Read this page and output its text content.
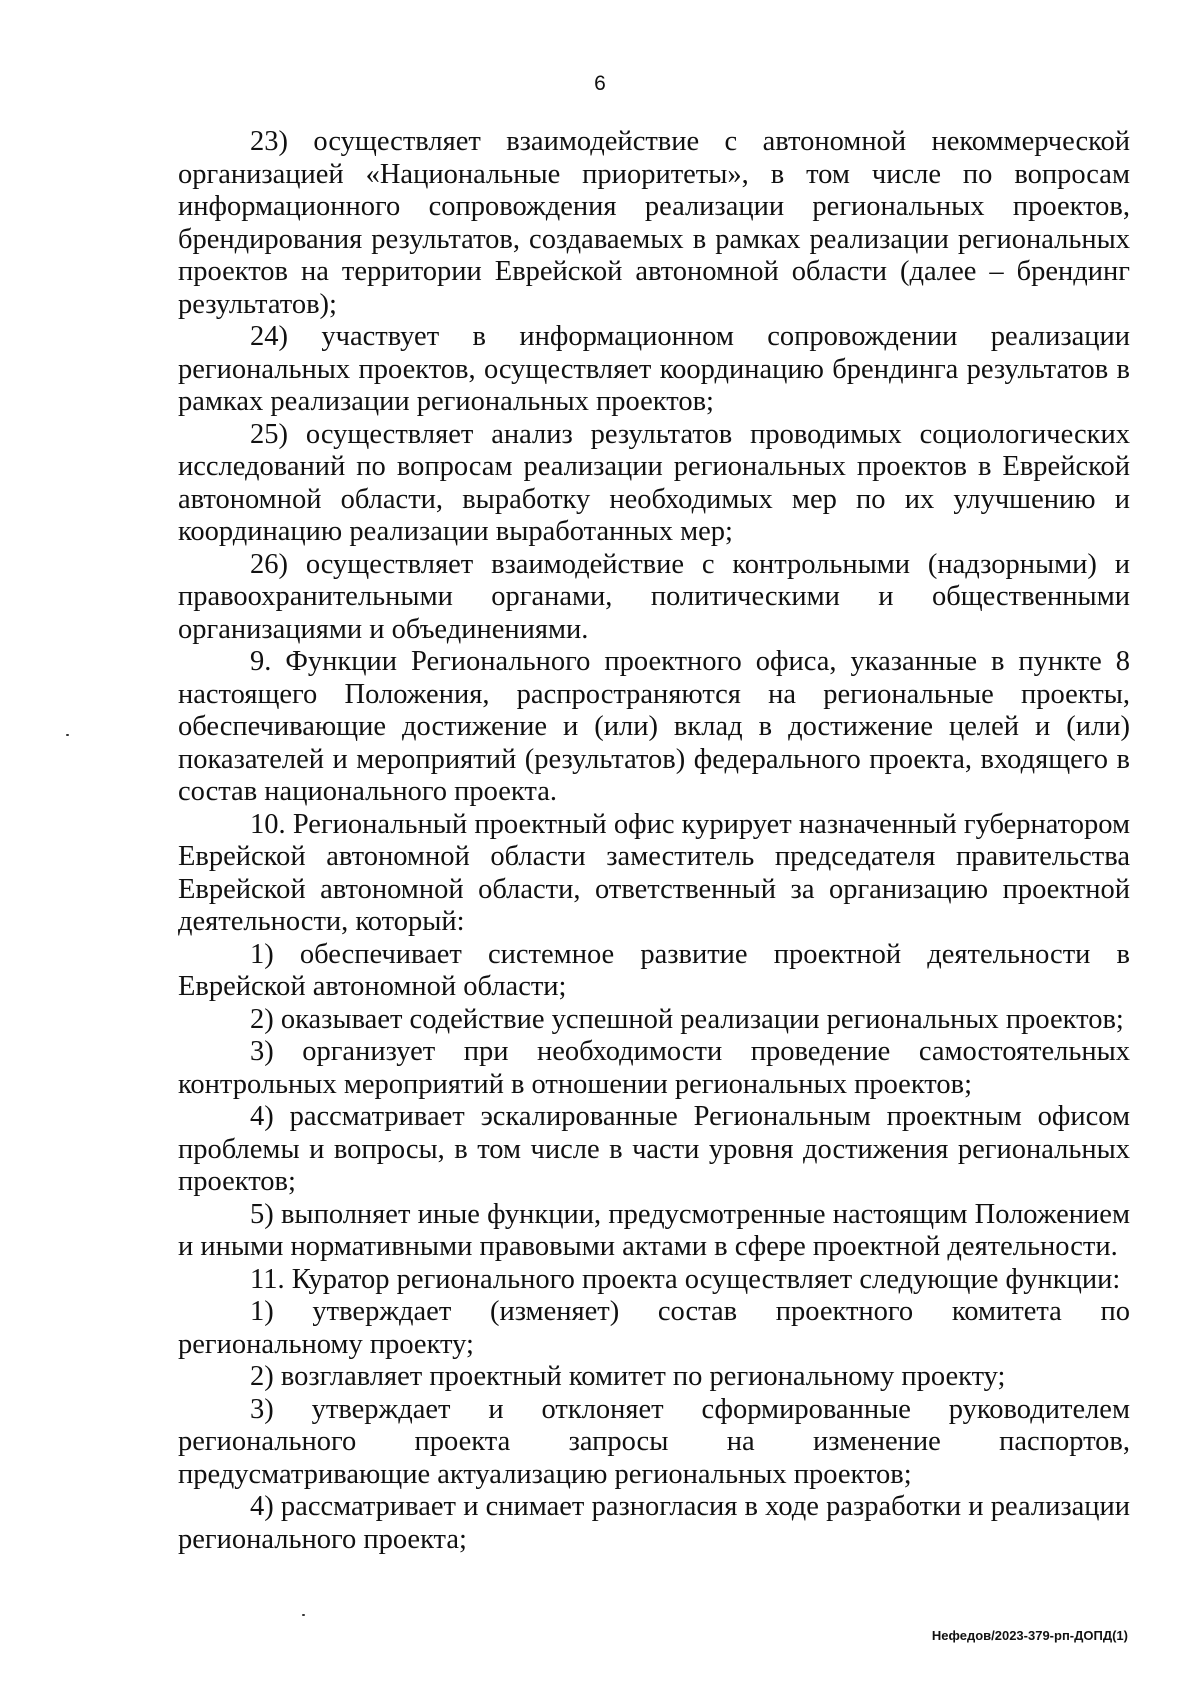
6

23) осуществляет взаимодействие с автономной некоммерческой организацией «Национальные приоритеты», в том числе по вопросам информационного сопровождения реализации региональных проектов, брендирования результатов, создаваемых в рамках реализации региональных проектов на территории Еврейской автономной области (далее – брендинг результатов);

24) участвует в информационном сопровождении реализации региональных проектов, осуществляет координацию брендинга результатов в рамках реализации региональных проектов;

25) осуществляет анализ результатов проводимых социологических исследований по вопросам реализации региональных проектов в Еврейской автономной области, выработку необходимых мер по их улучшению и координацию реализации выработанных мер;

26) осуществляет взаимодействие с контрольными (надзорными) и правоохранительными органами, политическими и общественными организациями и объединениями.

9. Функции Регионального проектного офиса, указанные в пункте 8 настоящего Положения, распространяются на региональные проекты, обеспечивающие достижение и (или) вклад в достижение целей и (или) показателей и мероприятий (результатов) федерального проекта, входящего в состав национального проекта.

10. Региональный проектный офис курирует назначенный губернатором Еврейской автономной области заместитель председателя правительства Еврейской автономной области, ответственный за организацию проектной деятельности, который:

1) обеспечивает системное развитие проектной деятельности в Еврейской автономной области;

2) оказывает содействие успешной реализации региональных проектов;

3) организует при необходимости проведение самостоятельных контрольных мероприятий в отношении региональных проектов;

4) рассматривает эскалированные Региональным проектным офисом проблемы и вопросы, в том числе в части уровня достижения региональных проектов;

5) выполняет иные функции, предусмотренные настоящим Положением и иными нормативными правовыми актами в сфере проектной деятельности.

11. Куратор регионального проекта осуществляет следующие функции:

1) утверждает (изменяет) состав проектного комитета по региональному проекту;

2) возглавляет проектный комитет по региональному проекту;

3) утверждает и отклоняет сформированные руководителем регионального проекта запросы на изменение паспортов, предусматривающие актуализацию региональных проектов;

4) рассматривает и снимает разногласия в ходе разработки и реализации регионального проекта;

Нефедов/2023-379-рп-ДОПД(1)
